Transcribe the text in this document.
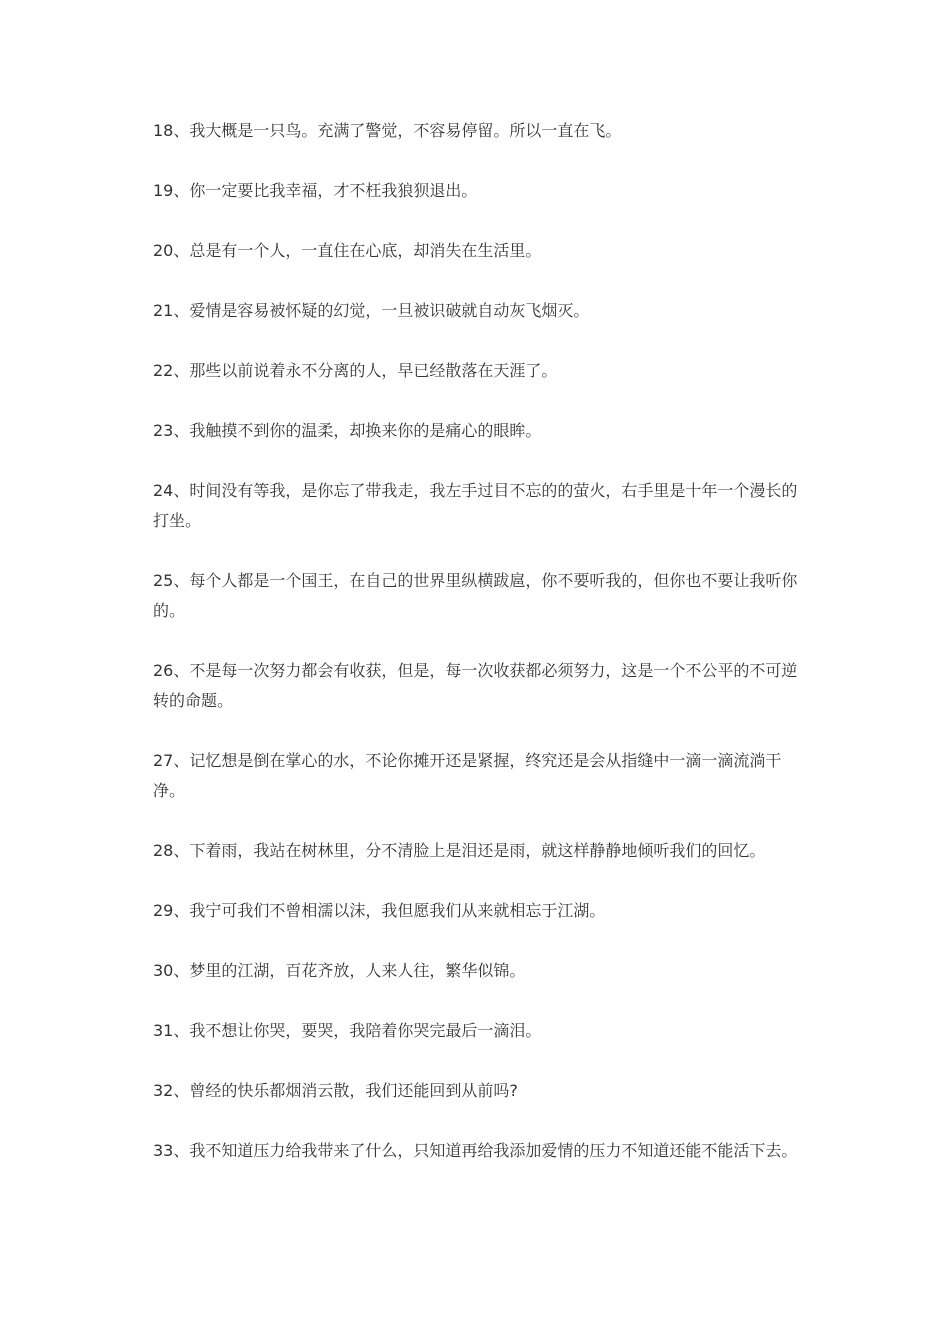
18、我大概是一只鸟。充满了警觉，不容易停留。所以一直在飞。

19、你一定要比我幸福，才不枉我狼狈退出。

20、总是有一个人，一直住在心底，却消失在生活里。

21、爱情是容易被怀疑的幻觉，一旦被识破就自动灰飞烟灭。

22、那些以前说着永不分离的人，早已经散落在天涯了。

23、我触摸不到你的温柔，却换来你的是痛心的眼眸。

24、时间没有等我，是你忘了带我走，我左手过目不忘的的萤火，右手里是十年一个漫长的打坐。

25、每个人都是一个国王，在自己的世界里纵横跋扈，你不要听我的，但你也不要让我听你的。

26、不是每一次努力都会有收获，但是，每一次收获都必须努力，这是一个不公平的不可逆转的命题。

27、记忆想是倒在掌心的水，不论你摊开还是紧握，终究还是会从指缝中一滴一滴流淌干净。

28、下着雨，我站在树林里，分不清脸上是泪还是雨，就这样静静地倾听我们的回忆。

29、我宁可我们不曾相濡以沫，我但愿我们从来就相忘于江湖。

30、梦里的江湖，百花齐放，人来人往，繁华似锦。

31、我不想让你哭，要哭，我陪着你哭完最后一滴泪。

32、曾经的快乐都烟消云散，我们还能回到从前吗?

33、我不知道压力给我带来了什么，只知道再给我添加爱情的压力不知道还能不能活下去。
